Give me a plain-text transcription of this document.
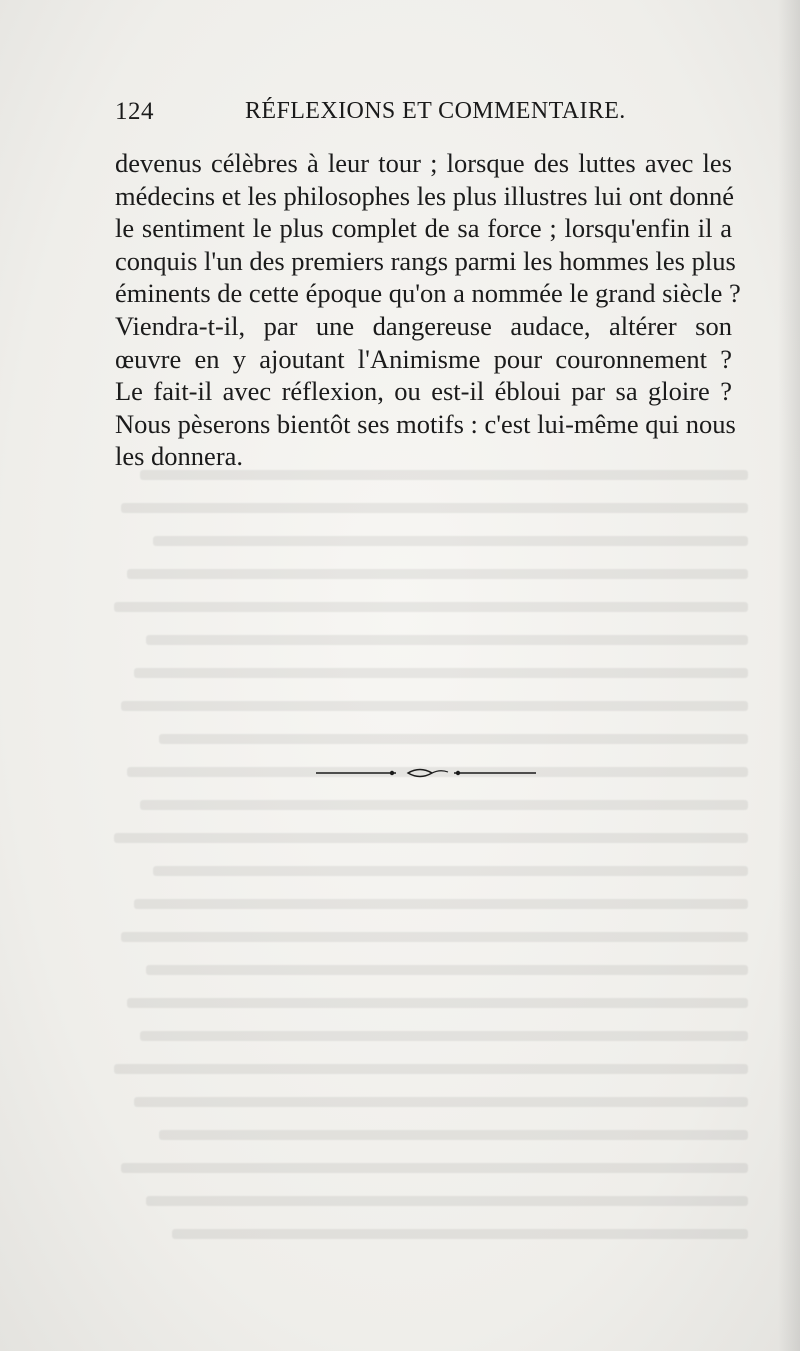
124	RÉFLEXIONS ET COMMENTAIRE.
devenus célèbres à leur tour ; lorsque des luttes avec les
médecins et les philosophes les plus illustres lui ont donné
le sentiment le plus complet de sa force ; lorsqu'enfin il a
conquis l'un des premiers rangs parmi les hommes les plus
éminents de cette époque qu'on a nommée le grand siècle ?
Viendra-t-il, par une dangereuse audace, altérer son
œuvre en y ajoutant l'Animisme pour couronnement ?
Le fait-il avec réflexion, ou est-il ébloui par sa gloire ?
Nous pèserons bientôt ses motifs : c'est lui-même qui nous
les donnera.
